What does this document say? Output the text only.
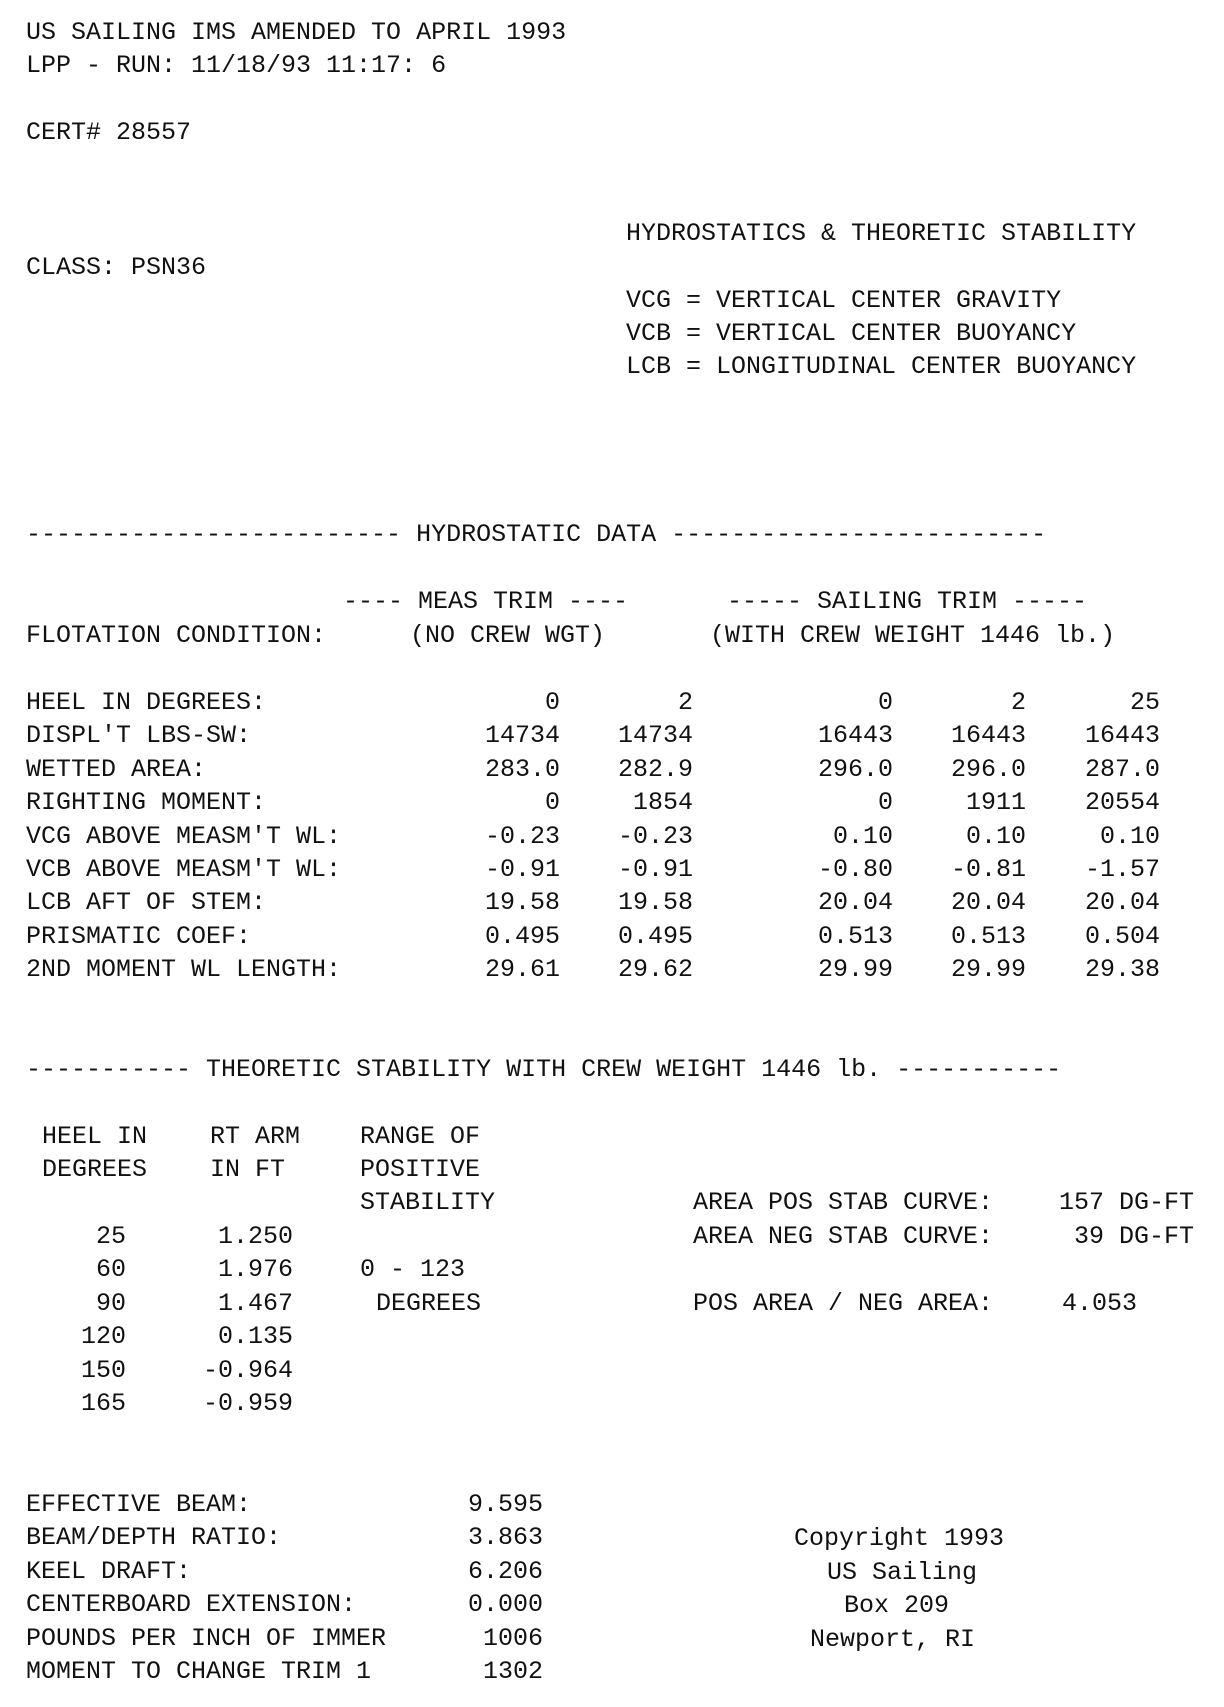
US SAILING IMS AMENDED TO APRIL 1993
LPP - RUN: 11/18/93 11:17: 6
CERT# 28557
CLASS: PSN36
HYDROSTATICS & THEORETIC STABILITY
VCG = VERTICAL CENTER GRAVITY
VCB = VERTICAL CENTER BUOYANCY
LCB = LONGITUDINAL CENTER BUOYANCY
------------------------- HYDROSTATIC DATA -------------------------
---- MEAS TRIM ----	----- SAILING TRIM -----
FLOTATION CONDITION:	(NO CREW WGT)	(WITH CREW WEIGHT 1446 lb.)
HEEL IN DEGREES:	0	2	0	2	25
DISPL'T LBS-SW:	14734 14734	16443 16443 16443
WETTED AREA:	283.0 282.9	296.0 296.0 287.0
RIGHTING MOMENT:	0	1854	0	1911 20554
VCG ABOVE MEASM'T WL:	-0.23 -0.23	0.10	0.10	0.10
VCB ABOVE MEASM'T WL:	-0.91 -0.91	-0.80 -0.81 -1.57
LCB AFT OF STEM:	19.58 19.58	20.04 20.04 20.04
PRISMATIC COEF:	0.495 0.495	0.513 0.513 0.504
2ND MOMENT WL LENGTH:	29.61 29.62	29.99 29.99 29.38
----------- THEORETIC STABILITY WITH CREW WEIGHT 1446 lb. -----------
HEEL IN
DEGREES
RT ARM
IN FT
RANGE OF
POSITIVE
STABILITY
25	1.250
60	1.976
90	1.467
120	0.135
150	-0.964
165	-0.959
0 - 123
DEGREES
AREA POS STAB CURVE:	157 DG-FT
AREA NEG STAB CURVE:	39 DG-FT
POS AREA / NEG AREA:	4.053
EFFECTIVE BEAM:	9.595
BEAM/DEPTH RATIO:	3.863
KEEL DRAFT:	6.206
CENTERBOARD EXTENSION:	0.000
POUNDS PER INCH OF IMMER	1006
MOMENT TO CHANGE TRIM 1	1302
Copyright 1993
US Sailing
Box 209
Newport, RI
